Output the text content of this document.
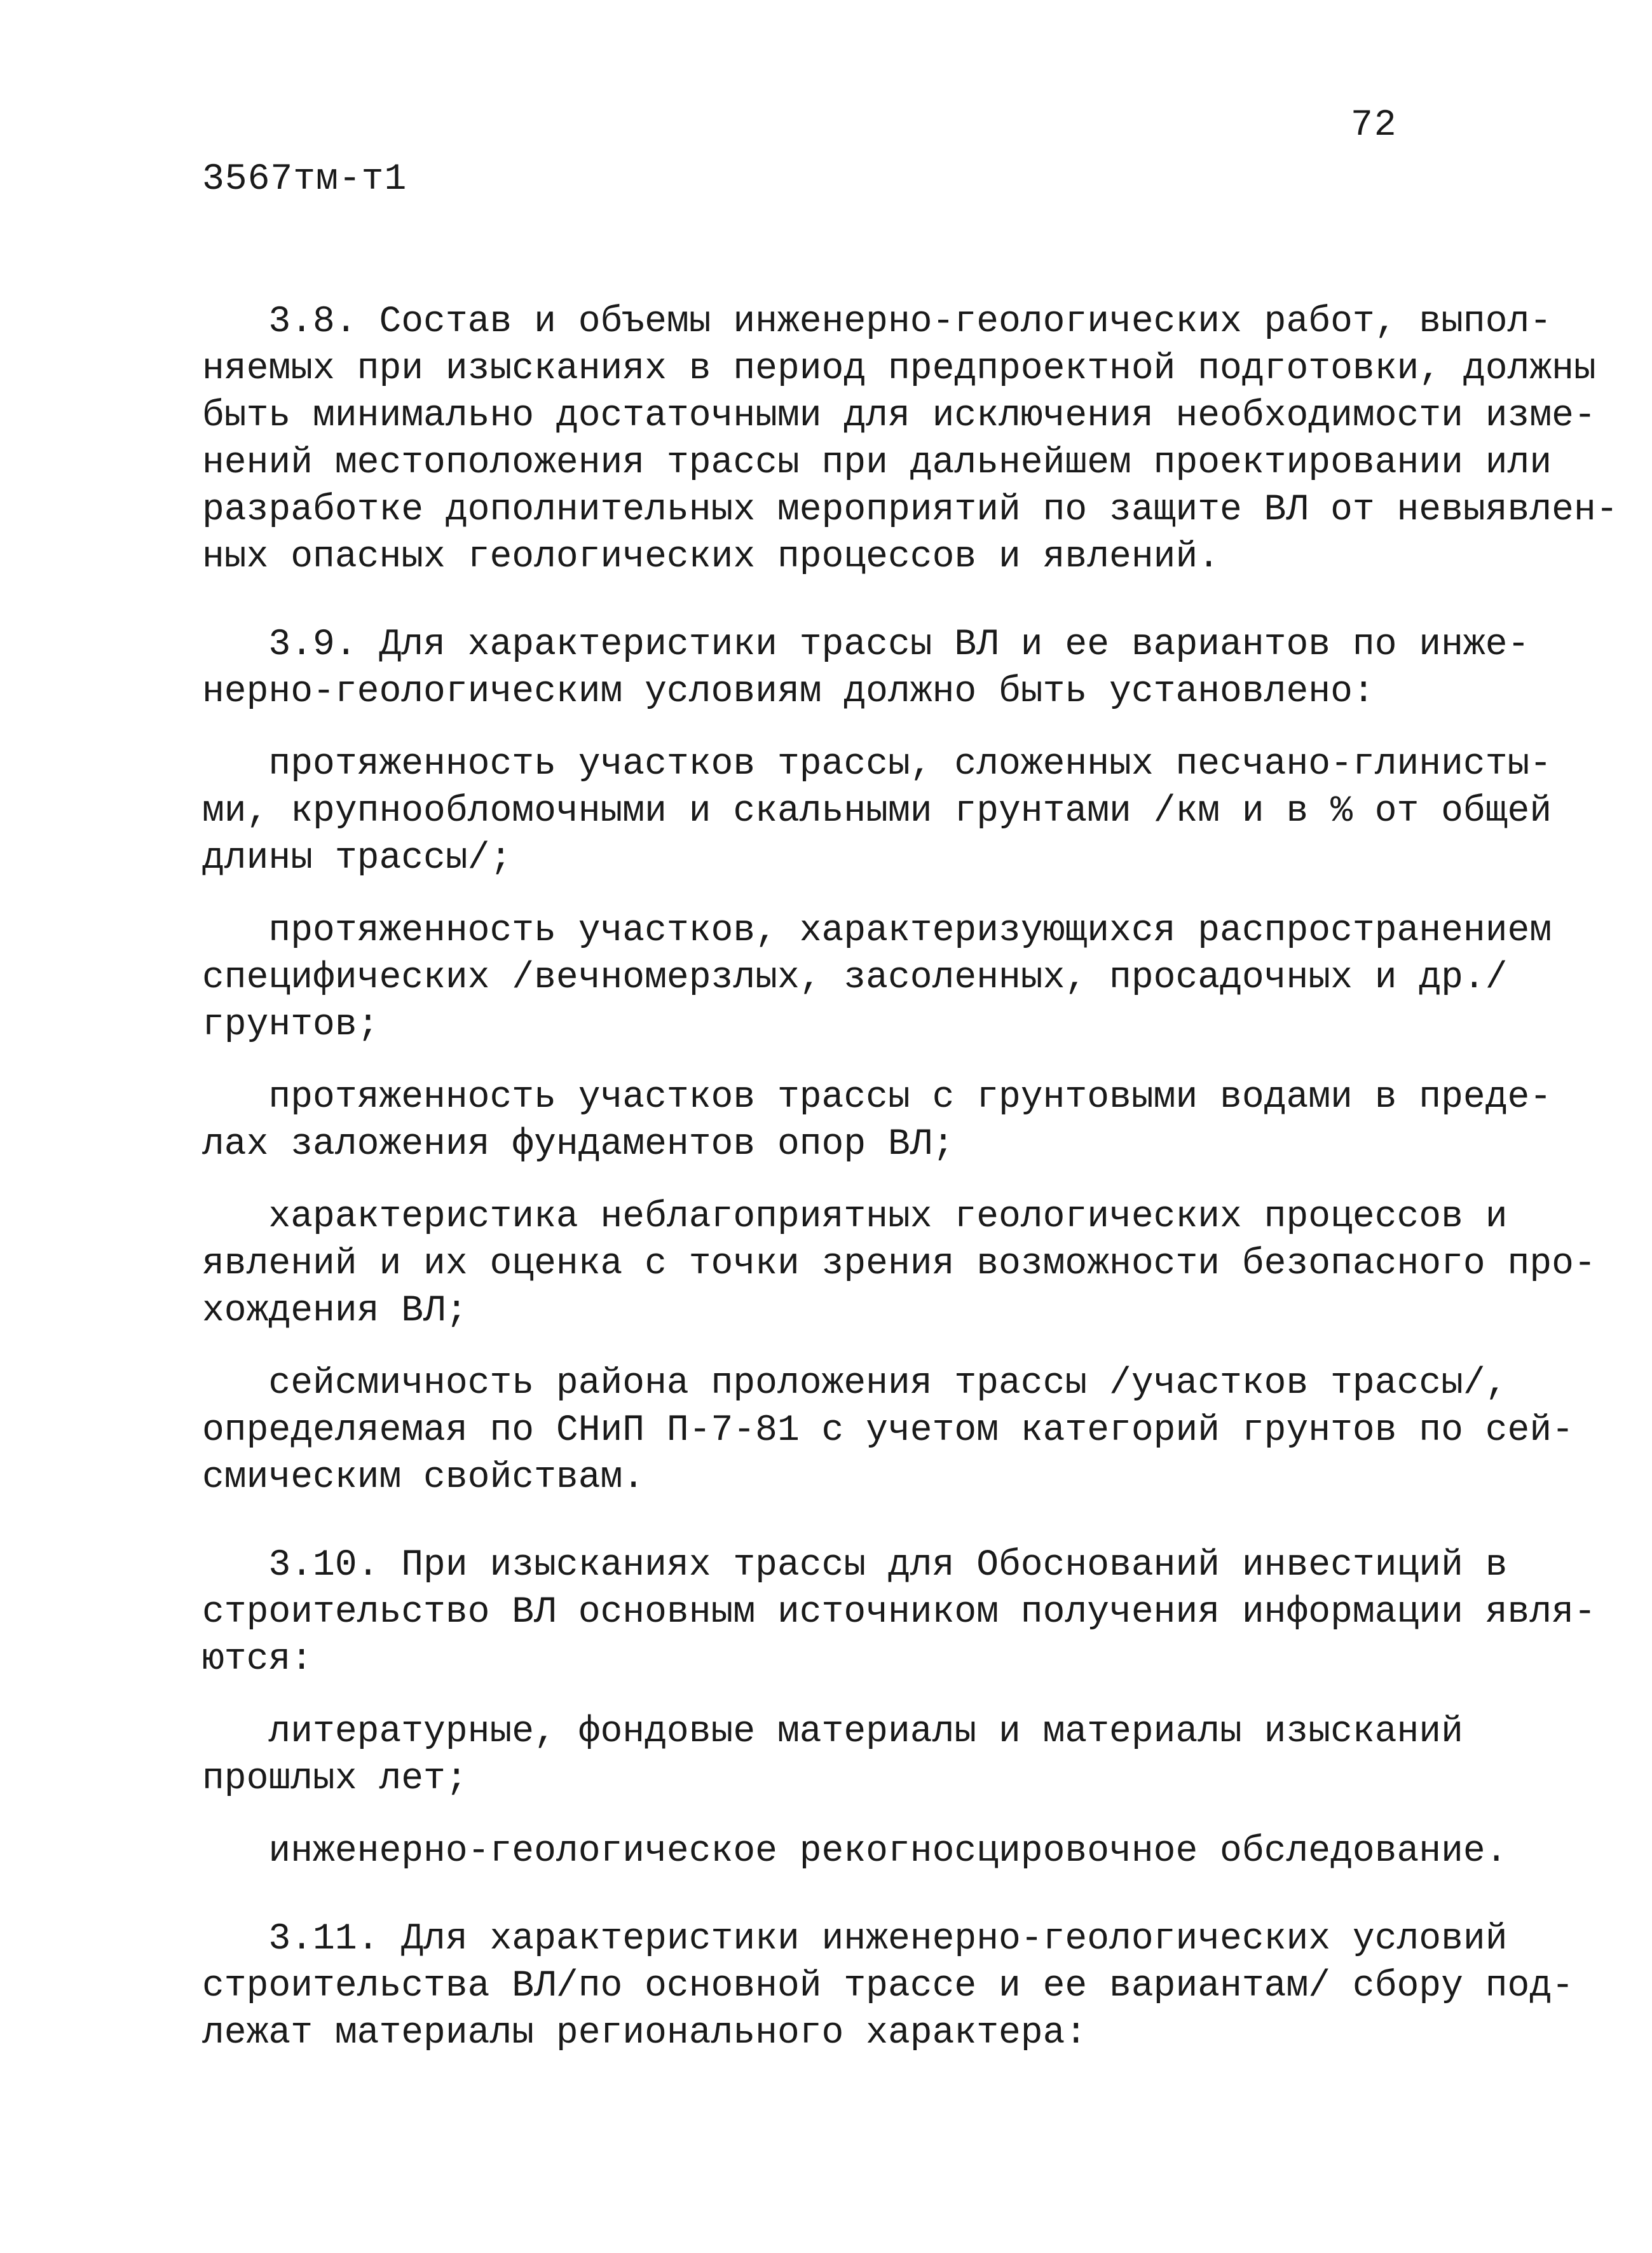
72
3567тм-т1
3.8. Состав и объемы инженерно-геологических работ, выпол-
няемых при изысканиях в период предпроектной подготовки, должны
быть минимально достаточными для исключения необходимости изме-
нений местоположения трассы при дальнейшем проектировании или
разработке дополнительных мероприятий по защите ВЛ от невыявлен-
ных опасных геологических процессов и явлений.
3.9. Для характеристики трассы ВЛ и ее вариантов по инже-
нерно-геологическим условиям должно быть установлено:
протяженность участков трассы, сложенных песчано-глинисты-
ми, крупнообломочными и скальными грунтами /км и в % от общей
длины трассы/;
протяженность участков, характеризующихся распространением
специфических /вечномерзлых, засоленных, просадочных и др./
грунтов;
протяженность участков трассы с грунтовыми водами в преде-
лах заложения фундаментов опор ВЛ;
характеристика неблагоприятных геологических процессов и
явлений и их оценка с точки зрения возможности безопасного про-
хождения ВЛ;
сейсмичность района проложения трассы /участков трассы/,
определяемая по СНиП П-7-81 с учетом категорий грунтов по сей-
смическим свойствам.
3.10. При изысканиях трассы для Обоснований инвестиций в
строительство ВЛ основным источником получения информации явля-
ются:
литературные, фондовые материалы и материалы изысканий
прошлых лет;
инженерно-геологическое рекогносцировочное обследование.
3.11. Для характеристики инженерно-геологических условий
строительства ВЛ/по основной трассе и ее вариантам/ сбору под-
лежат материалы регионального характера:
